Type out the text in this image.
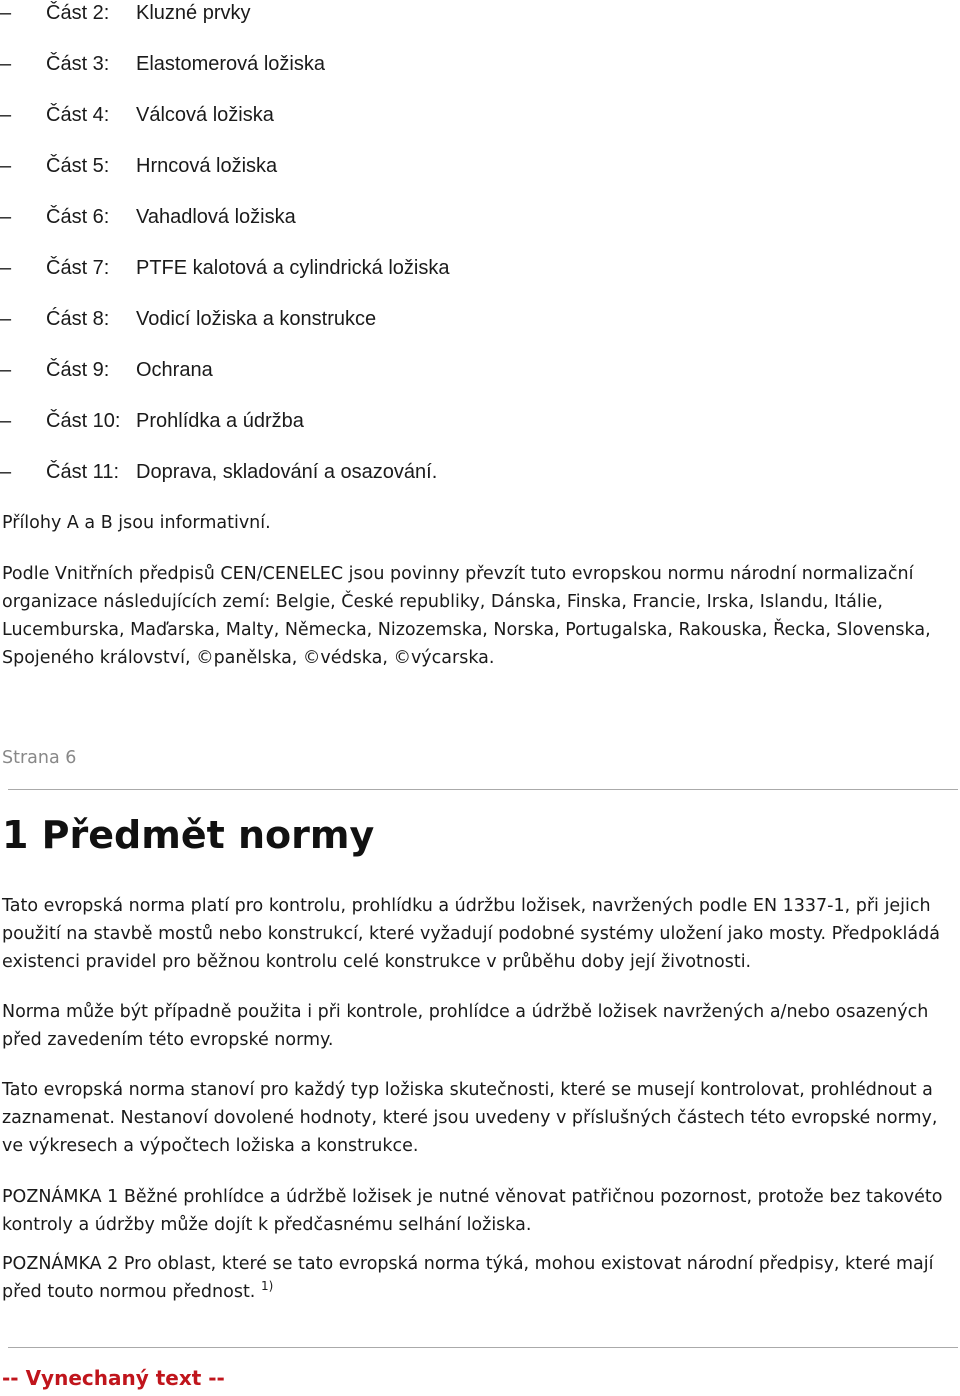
–	Část 2: Kluzné prvky
–	Část 3: Elastomerová ložiska
–	Část 4: Válcová ložiska
–	Část 5: Hrncová ložiska
–	Část 6: Vahadlová ložiska
–	Část 7: PTFE kalotová a cylindrická ložiska
–	Ćást 8: Vodicí ložiska a konstrukce
–	Část 9: Ochrana
–	Část 10: Prohlídka a údržba
–	Část 11: Doprava, skladování a osazování.

Přílohy A a B jsou informativní.

Podle Vnitřních předpisů CEN/CENELEC jsou povinny převzít tuto evropskou normu národní normalizační organizace následujících zemí: Belgie, České republiky, Dánska, Finska, Francie, Irska, Islandu, Itálie, Lucemburska, Maďarska, Malty, Německa, Nizozemska, Norska, Portugalska, Rakouska, Řecka, Slovenska, Spojeného království, ©panělska, ©védska, ©výcarska.

Strana 6

1 Předmět normy

Tato evropská norma platí pro kontrolu, prohlídku a údržbu ložisek, navržených podle EN 1337-1, při jejich použití na stavbě mostů nebo konstrukcí, které vyžadují podobné systémy uložení jako mosty. Předpokládá existenci pravidel pro běžnou kontrolu celé konstrukce v průběhu doby její životnosti.

Norma může být případně použita i při kontrole, prohlídce a údržbě ložisek navržených a/nebo osazených před zavedením této evropské normy.

Tato evropská norma stanoví pro každý typ ložiska skutečnosti, které se musejí kontrolovat, prohlédnout a zaznamenat. Nestanoví dovolené hodnoty, které jsou uvedeny v příslušných částech této evropské normy, ve výkresech a výpočtech ložiska a konstrukce.

POZNÁMKA 1 Běžné prohlídce a údržbě ložisek je nutné věnovat patřičnou pozornost, protože bez takovéto kontroly a údržby může dojít k předčasnému selhání ložiska.

POZNÁMKA 2 Pro oblast, které se tato evropská norma týká, mohou existovat národní předpisy, které mají před touto normou přednost. $^{1)}$

-- Vynechaný text --
